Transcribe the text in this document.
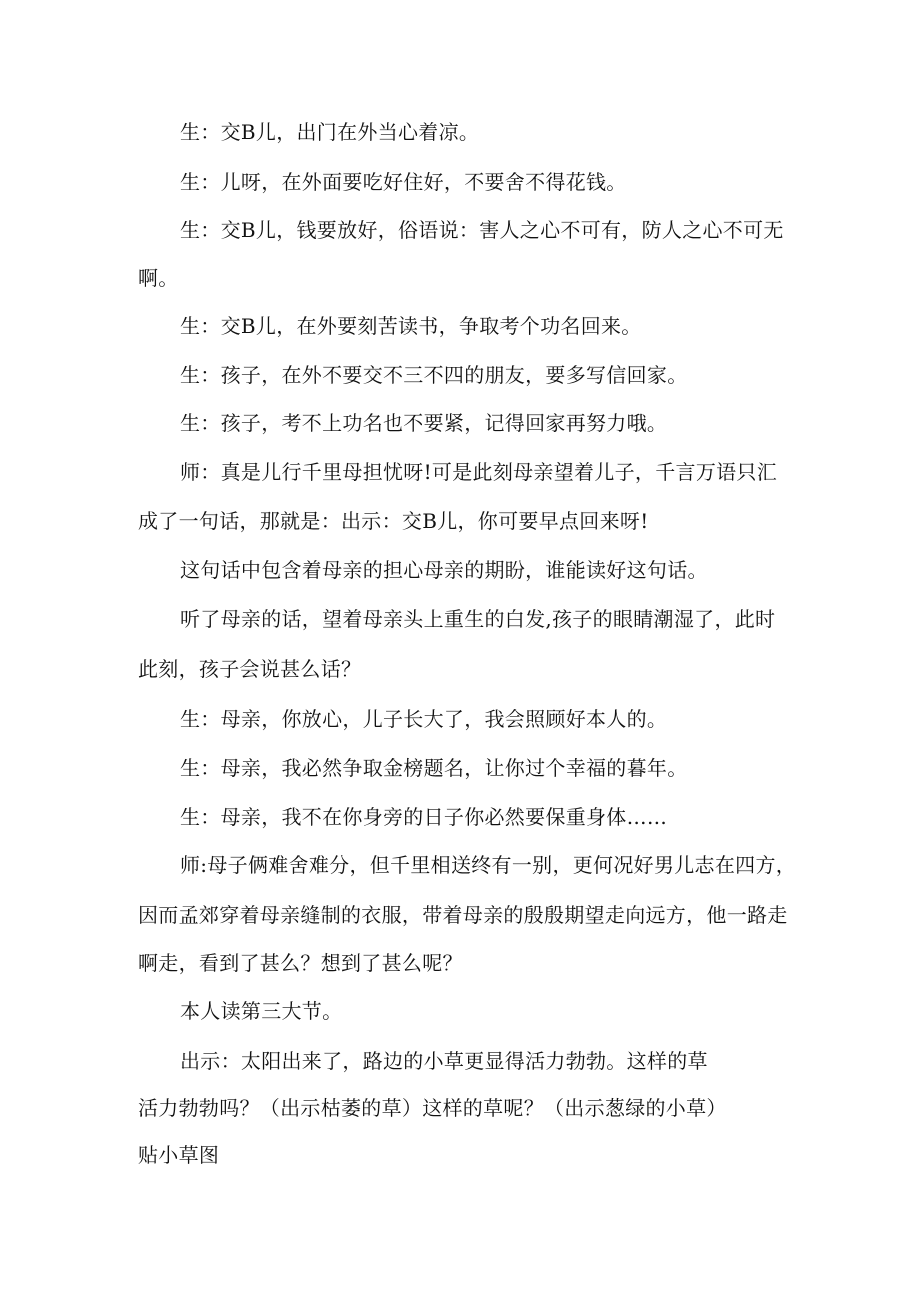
生：交B儿，出门在外当心着凉。
生：儿呀，在外面要吃好住好，不要舍不得花钱。
生：交B儿，钱要放好，俗语说：害人之心不可有，防人之心不可无
啊。
生：交B儿，在外要刻苦读书，争取考个功名回来。
生：孩子，在外不要交不三不四的朋友，要多写信回家。
生：孩子，考不上功名也不要紧，记得回家再努力哦。
师：真是儿行千里母担忧呀!可是此刻母亲望着儿子，千言万语只汇
成了一句话，那就是：出示：交B儿，你可要早点回来呀!
这句话中包含着母亲的担心母亲的期盼，谁能读好这句话。
听了母亲的话，望着母亲头上重生的白发,孩子的眼睛潮湿了，此时
此刻，孩子会说甚么话？
生：母亲，你放心，儿子长大了，我会照顾好本人的。
生：母亲，我必然争取金榜题名，让你过个幸福的暮年。
生：母亲，我不在你身旁的日子你必然要保重身体……
师:母子俩难舍难分，但千里相送终有一别，更何况好男儿志在四方，
因而孟郊穿着母亲缝制的衣服，带着母亲的殷殷期望走向远方，他一路走
啊走，看到了甚么？想到了甚么呢？
本人读第三大节。
出示：太阳出来了，路边的小草更显得活力勃勃。这样的草
活力勃勃吗？（出示枯萎的草）这样的草呢？（出示葱绿的小草）
贴小草图
